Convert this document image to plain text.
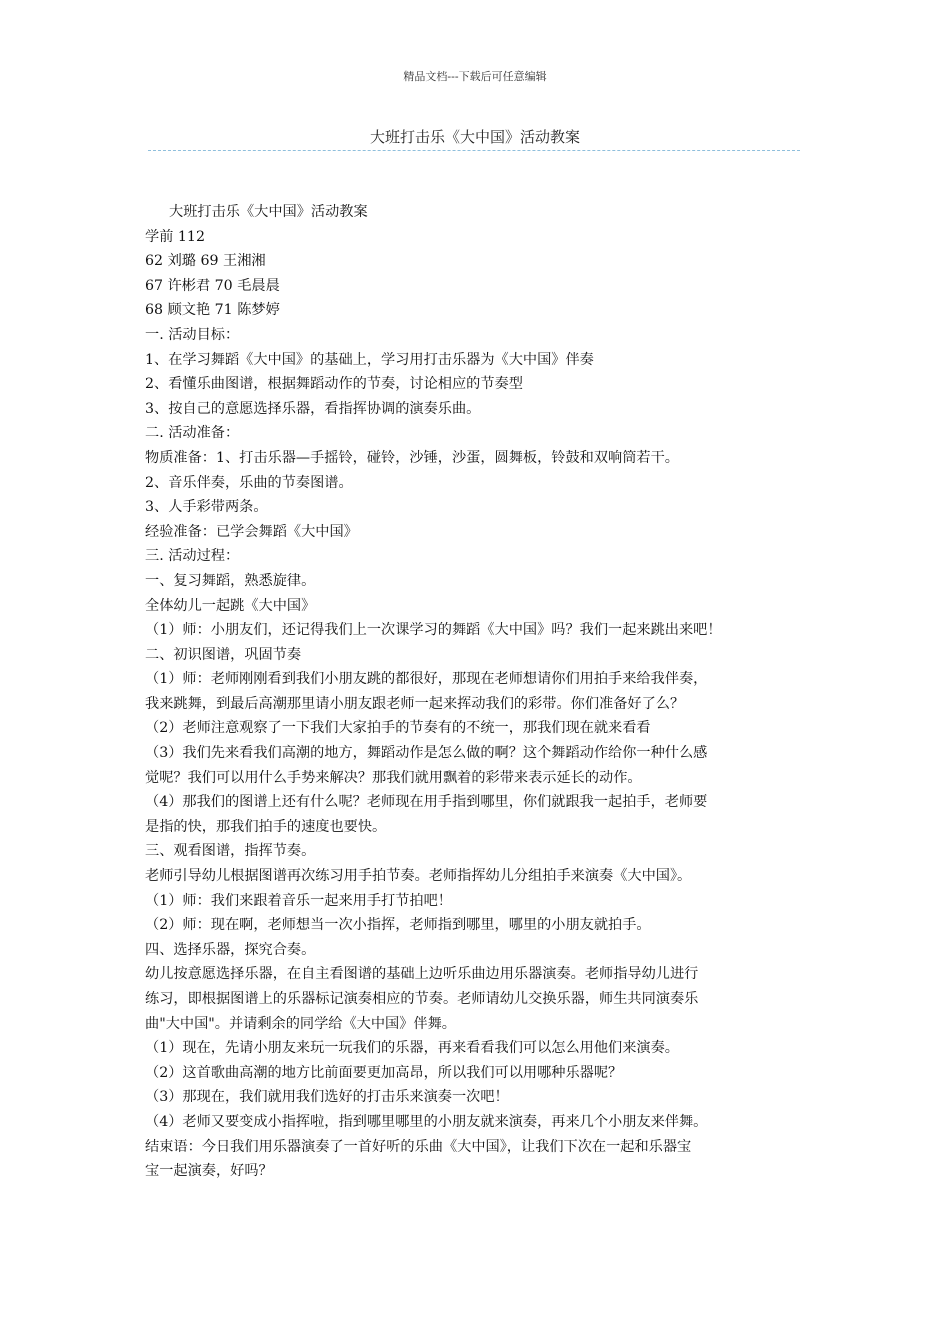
精品文档---下载后可任意编辑
大班打击乐《大中国》活动教案
大班打击乐《大中国》活动教案
学前 112
62 刘璐 69 王湘湘
67 许彬君 70 毛晨晨
68 顾文艳 71 陈梦婷
一. 活动目标：
1、在学习舞蹈《大中国》的基础上，学习用打击乐器为《大中国》伴奏
2、看懂乐曲图谱，根据舞蹈动作的节奏，讨论相应的节奏型
3、按自己的意愿选择乐器，看指挥协调的演奏乐曲。
二. 活动准备：
物质准备：1、打击乐器—手摇铃，碰铃，沙锤，沙蛋，圆舞板，铃鼓和双响筒若干。
2、音乐伴奏，乐曲的节奏图谱。
3、人手彩带两条。
经验准备：已学会舞蹈《大中国》
三. 活动过程：
一、复习舞蹈，熟悉旋律。
全体幼儿一起跳《大中国》
（1）师：小朋友们，还记得我们上一次课学习的舞蹈《大中国》吗？我们一起来跳出来吧！
二、初识图谱，巩固节奏
（1）师：老师刚刚看到我们小朋友跳的都很好，那现在老师想请你们用拍手来给我伴奏，
我来跳舞，到最后高潮那里请小朋友跟老师一起来挥动我们的彩带。你们准备好了么？
（2）老师注意观察了一下我们大家拍手的节奏有的不统一，那我们现在就来看看
（3）我们先来看我们高潮的地方，舞蹈动作是怎么做的啊？这个舞蹈动作给你一种什么感
觉呢？我们可以用什么手势来解决？那我们就用飘着的彩带来表示延长的动作。
（4）那我们的图谱上还有什么呢？老师现在用手指到哪里，你们就跟我一起拍手，老师要
是指的快，那我们拍手的速度也要快。
三、观看图谱，指挥节奏。
老师引导幼儿根据图谱再次练习用手拍节奏。老师指挥幼儿分组拍手来演奏《大中国》。
（1）师：我们来跟着音乐一起来用手打节拍吧！
（2）师：现在啊，老师想当一次小指挥，老师指到哪里，哪里的小朋友就拍手。
四、选择乐器，探究合奏。
幼儿按意愿选择乐器，在自主看图谱的基础上边听乐曲边用乐器演奏。老师指导幼儿进行
练习，即根据图谱上的乐器标记演奏相应的节奏。老师请幼儿交换乐器，师生共同演奏乐
曲"大中国"。并请剩余的同学给《大中国》伴舞。
（1）现在，先请小朋友来玩一玩我们的乐器，再来看看我们可以怎么用他们来演奏。
（2）这首歌曲高潮的地方比前面要更加高昂，所以我们可以用哪种乐器呢？
（3）那现在，我们就用我们选好的打击乐来演奏一次吧！
（4）老师又要变成小指挥啦，指到哪里哪里的小朋友就来演奏，再来几个小朋友来伴舞。
结束语：今日我们用乐器演奏了一首好听的乐曲《大中国》，让我们下次在一起和乐器宝
宝一起演奏，好吗？
